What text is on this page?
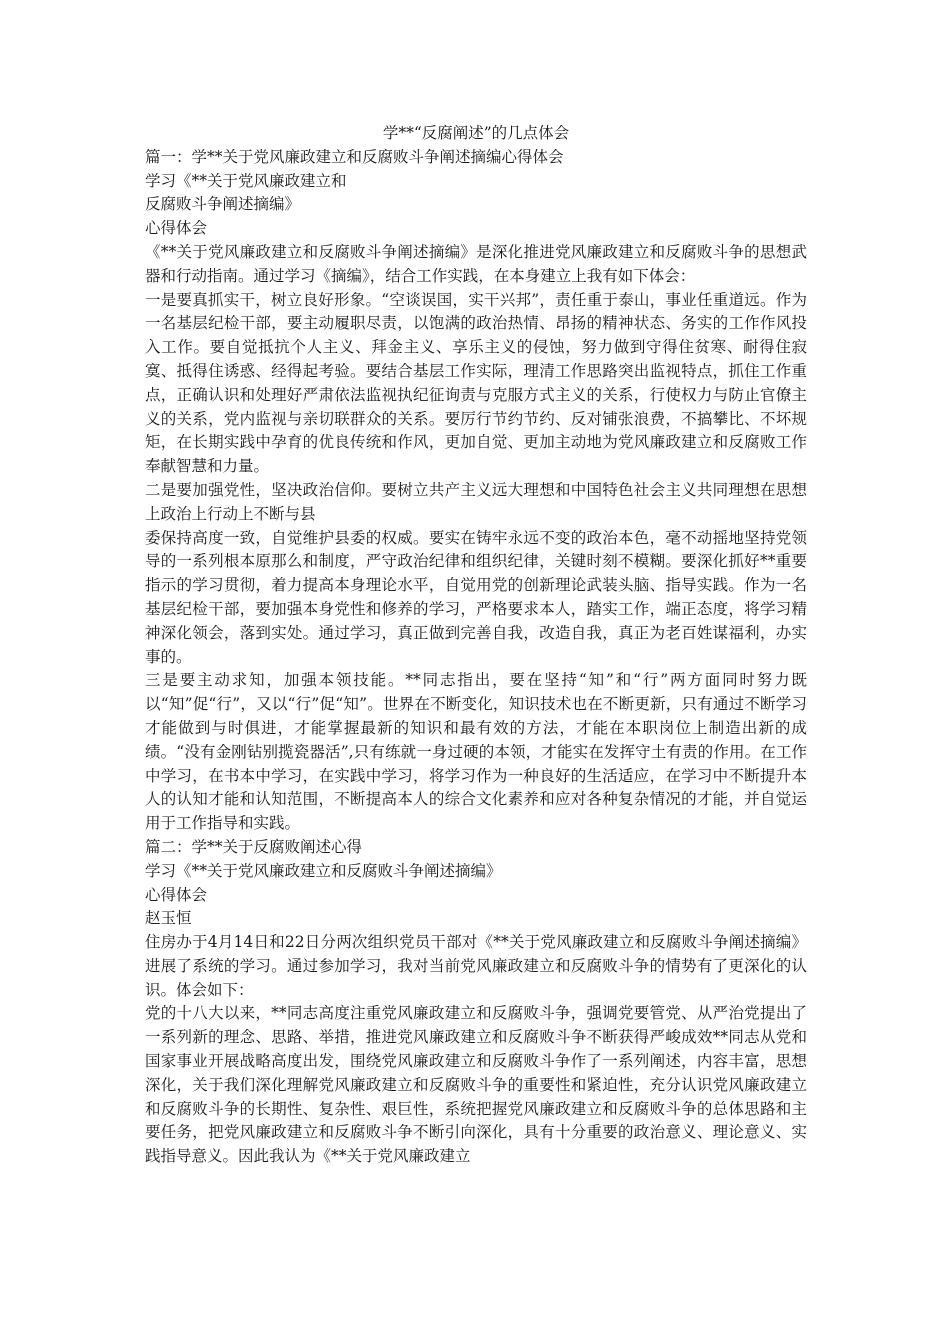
学**“反腐阐述”的几点体会

篇一：学**关于党风廉政建立和反腐败斗争阐述摘编心得体会

学习《**关于党风廉政建立和

反腐败斗争阐述摘编》

心得体会

《**关于党风廉政建立和反腐败斗争阐述摘编》是深化推进党风廉政建立和反腐败斗争的思想武器和行动指南。通过学习《摘编》，结合工作实践，在本身建立上我有如下体会：

一是要真抓实干，树立良好形象。“空谈误国，实干兴邦”，责任重于泰山，事业任重道远。作为一名基层纪检干部，要主动履职尽责，以饱满的政治热情、昂扬的精神状态、务实的工作作风投入工作。要自觉抵抗个人主义、拜金主义、享乐主义的侵蚀，努力做到守得住贫寒、耐得住寂寞、抵得住诱惑、经得起考验。要结合基层工作实际，理清工作思路突出监视特点，抓住工作重点，正确认识和处理好严肃依法监视执纪征询责与克服方式主义的关系，行使权力与防止官僚主义的关系，党内监视与亲切联群众的关系。要厉行节约节约、反对铺张浪费，不搞攀比、不坏规矩，在长期实践中孕育的优良传统和作风，更加自觉、更加主动地为党风廉政建立和反腐败工作奉献智慧和力量。

二是要加强党性，坚决政治信仰。要树立共产主义远大理想和中国特色社会主义共同理想在思想上政治上行动上不断与县

委保持高度一致，自觉维护县委的权威。要实在铸牢永远不变的政治本色，毫不动摇地坚持党领导的一系列根本原那么和制度，严守政治纪律和组织纪律，关键时刻不模糊。要深化抓好**重要指示的学习贯彻，着力提高本身理论水平，自觉用党的创新理论武装头脑、指导实践。作为一名基层纪检干部，要加强本身党性和修养的学习，严格要求本人，踏实工作，端正态度，将学习精神深化领会，落到实处。通过学习，真正做到完善自我，改造自我，真正为老百姓谋福利，办实事的。

三是要主动求知，加强本领技能。**同志指出，要在坚持“知”和“行”两方面同时努力既以“知”促“行”，又以“行”促“知”。世界在不断变化，知识技术也在不断更新，只有通过不断学习才能做到与时俱进，才能掌握最新的知识和最有效的方法，才能在本职岗位上制造出新的成绩。“没有金刚钻别揽瓷器活”,只有练就一身过硬的本领，才能实在发挥守土有责的作用。在工作中学习，在书本中学习，在实践中学习，将学习作为一种良好的生活适应，在学习中不断提升本人的认知才能和认知范围，不断提高本人的综合文化素养和应对各种复杂情况的才能，并自觉运用于工作指导和实践。

篇二：学**关于反腐败阐述心得

学习《**关于党风廉政建立和反腐败斗争阐述摘编》

心得体会

赵玉恒

住房办于4月14日和22日分两次组织党员干部对《**关于党风廉政建立和反腐败斗争阐述摘编》进展了系统的学习。通过参加学习，我对当前党风廉政建立和反腐败斗争的情势有了更深化的认识。体会如下：

党的十八大以来，**同志高度注重党风廉政建立和反腐败斗争，强调党要管党、从严治党提出了一系列新的理念、思路、举措，推进党风廉政建立和反腐败斗争不断获得严峻成效**同志从党和国家事业开展战略高度出发，围绕党风廉政建立和反腐败斗争作了一系列阐述，内容丰富，思想深化，关于我们深化理解党风廉政建立和反腐败斗争的重要性和紧迫性，充分认识党风廉政建立和反腐败斗争的长期性、复杂性、艰巨性，系统把握党风廉政建立和反腐败斗争的总体思路和主要任务，把党风廉政建立和反腐败斗争不断引向深化，具有十分重要的政治意义、理论意义、实践指导意义。因此我认为《**关于党风廉政建立
